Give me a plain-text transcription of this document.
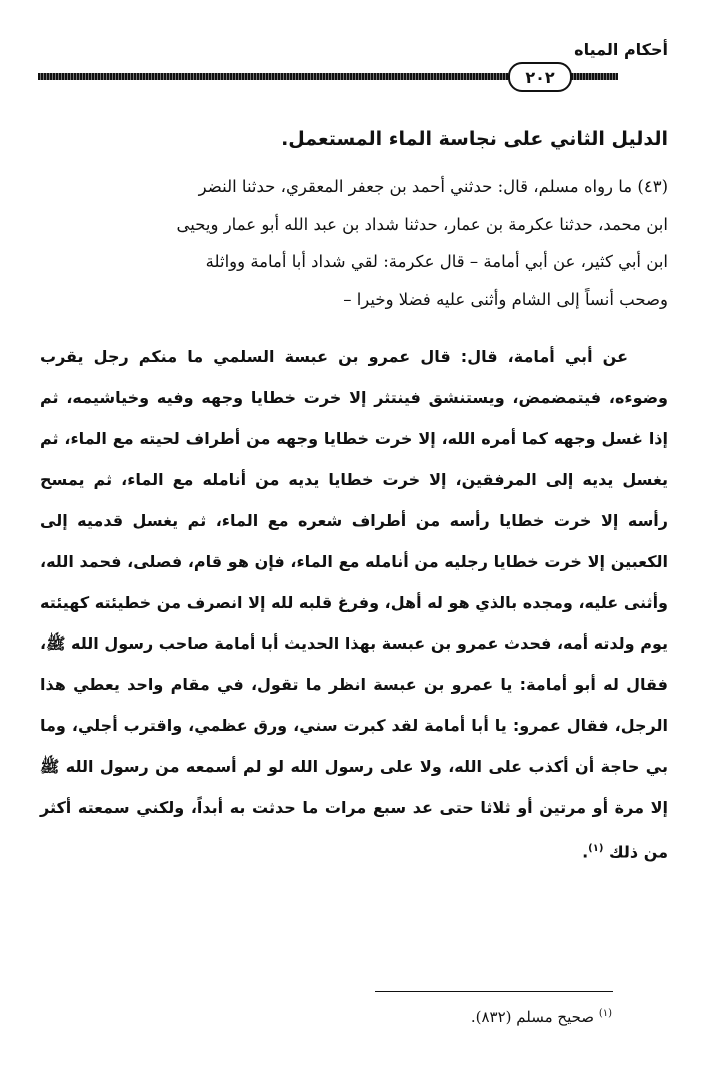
أحكام المياه
٢٠٢
الدليل الثاني على نجاسة الماء المستعمل.

(٤٣) ما رواه مسلم، قال: حدثني أحمد بن جعفر المعقري، حدثنا النضر

ابن محمد، حدثنا عكرمة بن عمار، حدثنا شداد بن عبد الله أبو عمار ويحيى

ابن أبي كثير، عن أبي أمامة – قال عكرمة: لقي شداد أبا أمامة وواثلة

وصحب أنساً إلى الشام وأثنى عليه فضلا وخيرا –

عن أبي أمامة، قال: قال عمرو بن عبسة السلمي ما منكم رجل يقرب وضوءه، فيتمضمض، ويستنشق فينتثر إلا خرت خطايا وجهه وفيه وخياشيمه، ثم إذا غسل وجهه كما أمره الله، إلا خرت خطايا وجهه من أطراف لحيته مع الماء، ثم يغسل يديه إلى المرفقين، إلا خرت خطايا يديه من أنامله مع الماء، ثم يمسح رأسه إلا خرت خطايا رأسه من أطراف شعره مع الماء، ثم يغسل قدميه إلى الكعبين إلا خرت خطايا رجليه من أنامله مع الماء، فإن هو قام، فصلى، فحمد الله، وأثنى عليه، ومجده بالذي هو له أهل، وفرغ قلبه لله إلا انصرف من خطيئته كهيئته يوم ولدته أمه، فحدث عمرو بن عبسة بهذا الحديث أبا أمامة صاحب رسول الله ﷺ، فقال له أبو أمامة: يا عمرو بن عبسة انظر ما تقول، في مقام واحد يعطي هذا الرجل، فقال عمرو: يا أبا أمامة لقد كبرت سني، ورق عظمي، واقترب أجلي، وما بي حاجة أن أكذب على الله، ولا على رسول الله لو لم أسمعه من رسول الله ﷺ إلا مرة أو مرتين أو ثلاثا حتى عد سبع مرات ما حدثت به أبداً، ولكني سمعته أكثر من ذلك $^{(١)}$.

$^{(١)}$ صحيح مسلم (٨٣٢).
